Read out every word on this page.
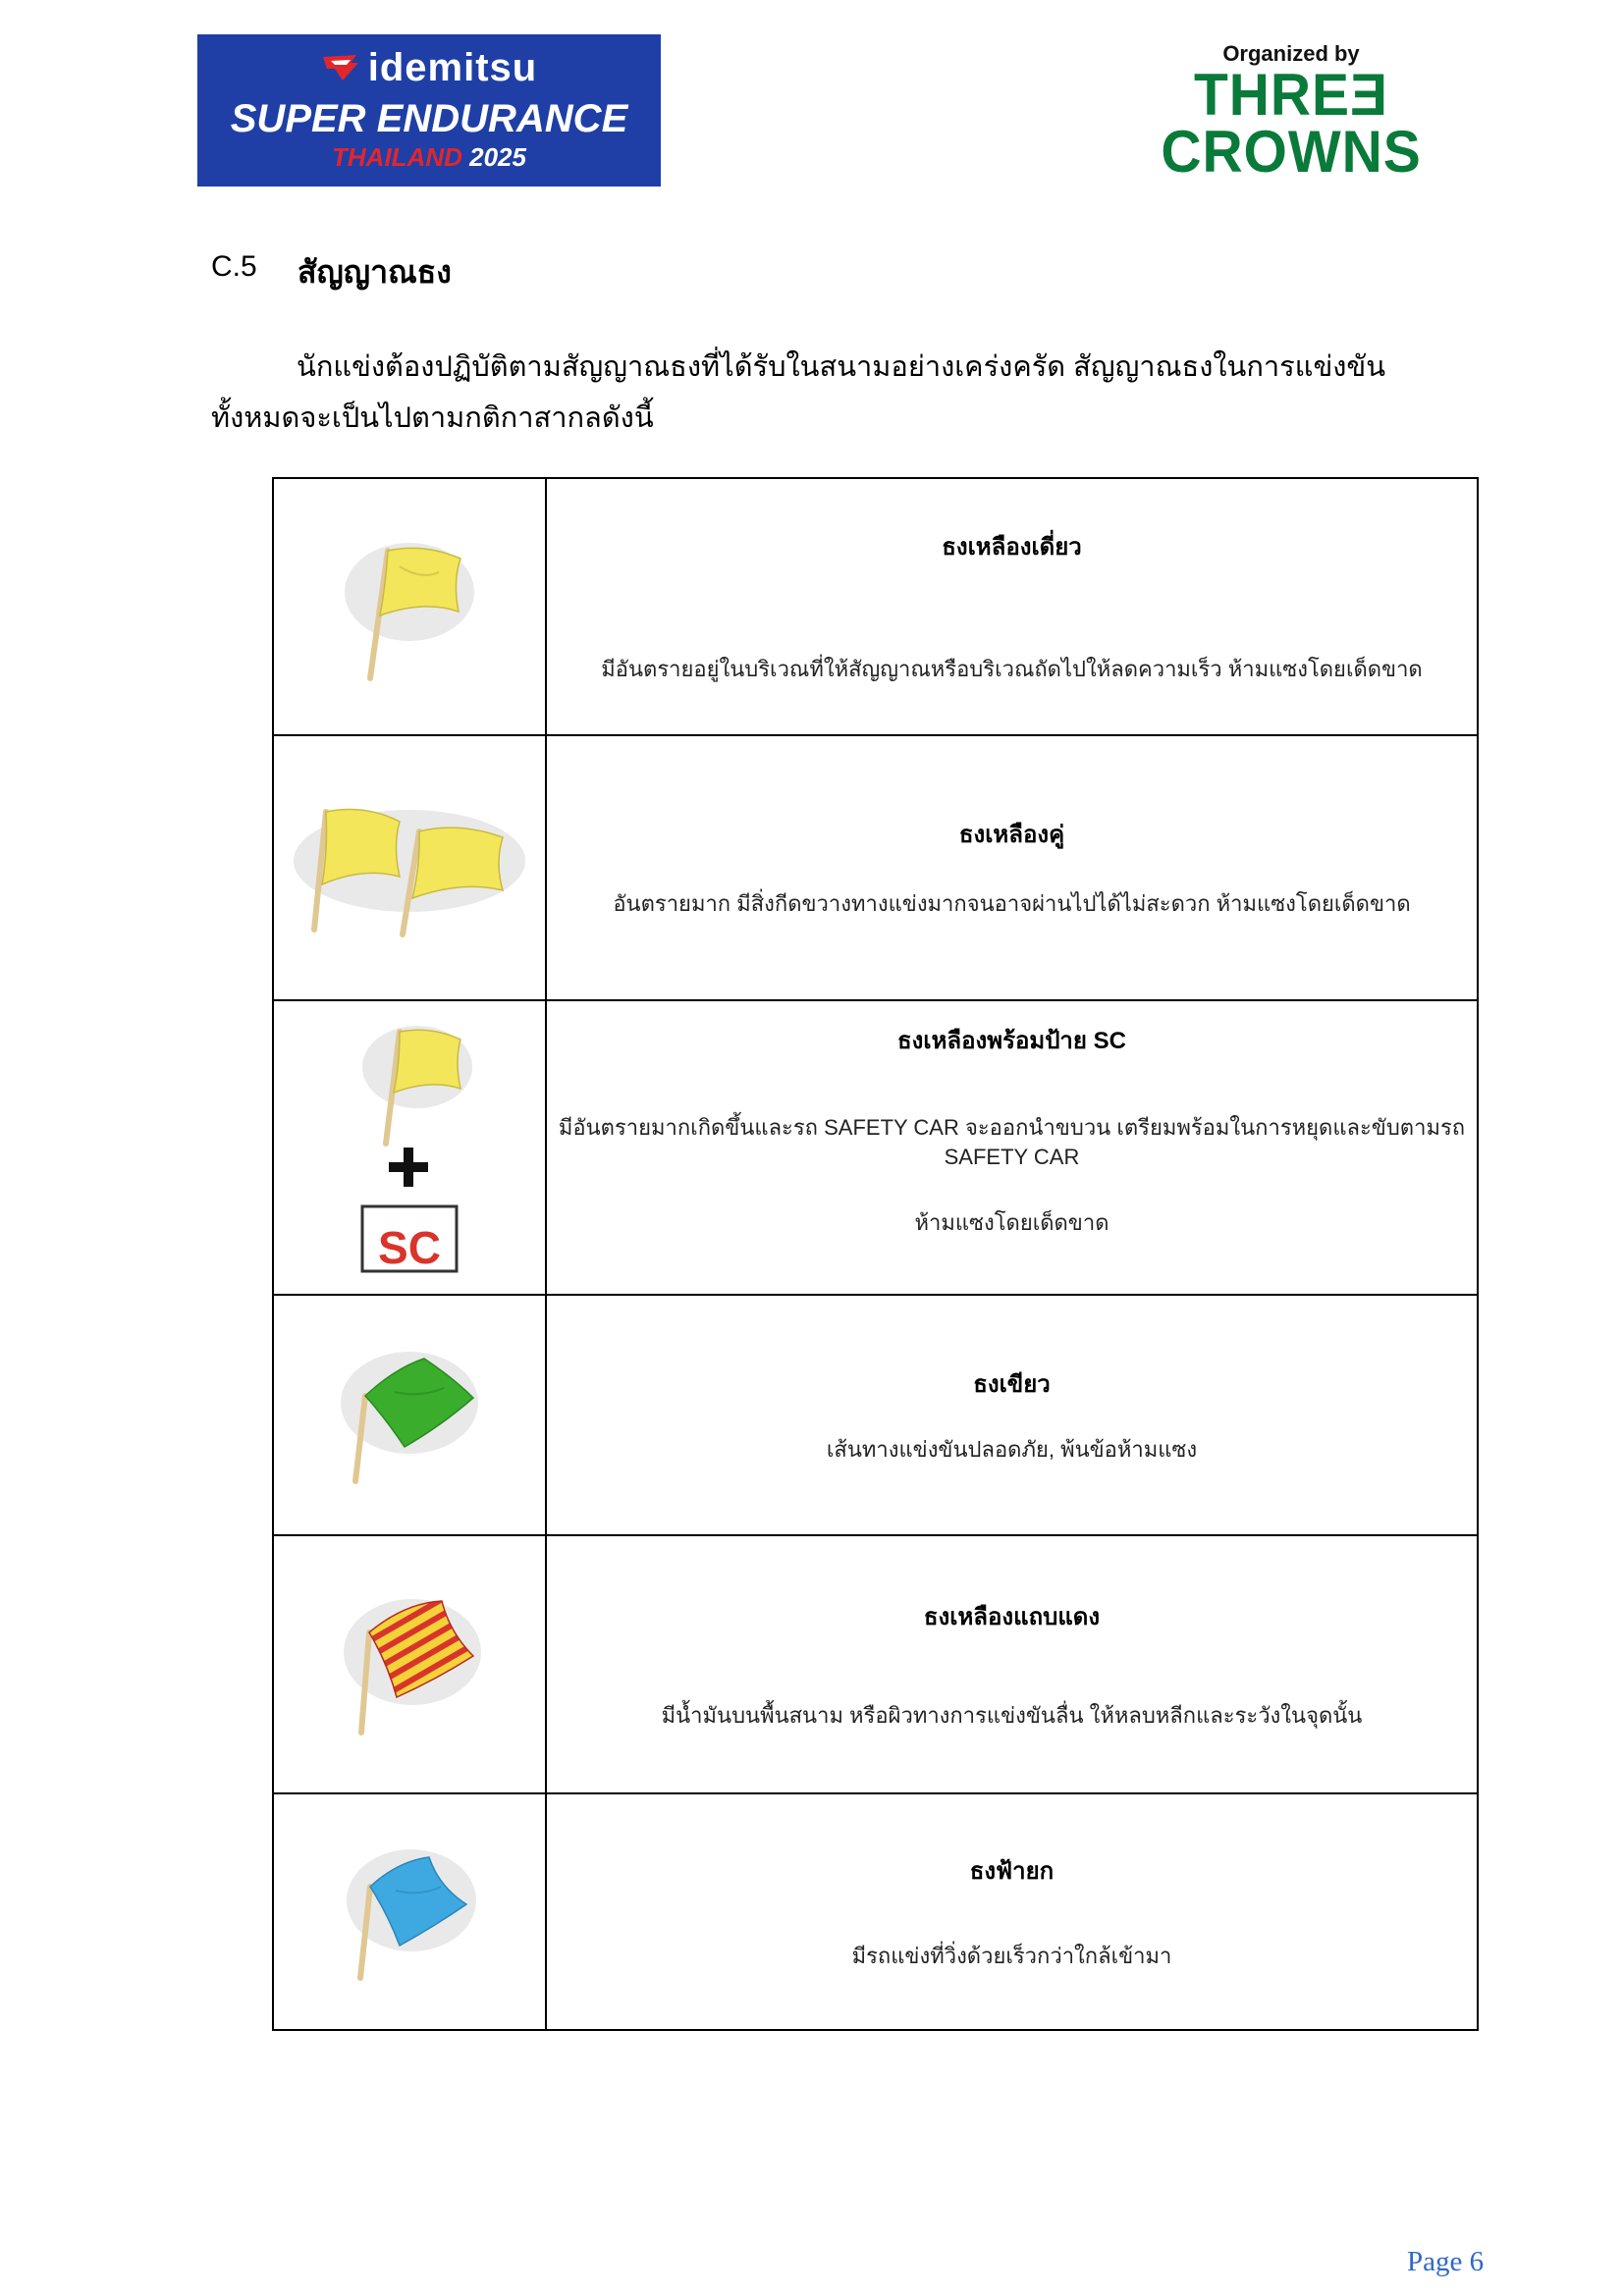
idemitsu
SUPER ENDURANCE
THAILAND 2025
Organized by
THREƎ
CROWNS
C.5 สัญญาณธง
นักแข่งต้องปฏิบัติตามสัญญาณธงที่ได้รับในสนามอย่างเคร่งครัด สัญญาณธงในการแข่งขัน
ทั้งหมดจะเป็นไปตามกติกาสากลดังนี้

ธงเหลืองเดี่ยว
มีอันตรายอยู่ในบริเวณที่ให้สัญญาณหรือบริเวณถัดไปให้ลดความเร็ว ห้ามแซงโดยเด็ดขาด

ธงเหลืองคู่
อันตรายมาก มีสิ่งกีดขวางทางแข่งมากจนอาจผ่านไปได้ไม่สะดวก ห้ามแซงโดยเด็ดขาด

SC	ธงเหลืองพร้อมป้าย SC
มีอันตรายมากเกิดขึ้นและรถ SAFETY CAR จะออกนำขบวน เตรียมพร้อมในการหยุดและขับตามรถ SAFETY CAR
ห้ามแซงโดยเด็ดขาด

ธงเขียว
เส้นทางแข่งขันปลอดภัย, พ้นข้อห้ามแซง

ธงเหลืองแถบแดง
มีน้ำมันบนพื้นสนาม หรือผิวทางการแข่งขันลื่น ให้หลบหลีกและระวังในจุดนั้น

ธงฟ้ายก
มีรถแข่งที่วิ่งด้วยเร็วกว่าใกล้เข้ามา
Page 6
